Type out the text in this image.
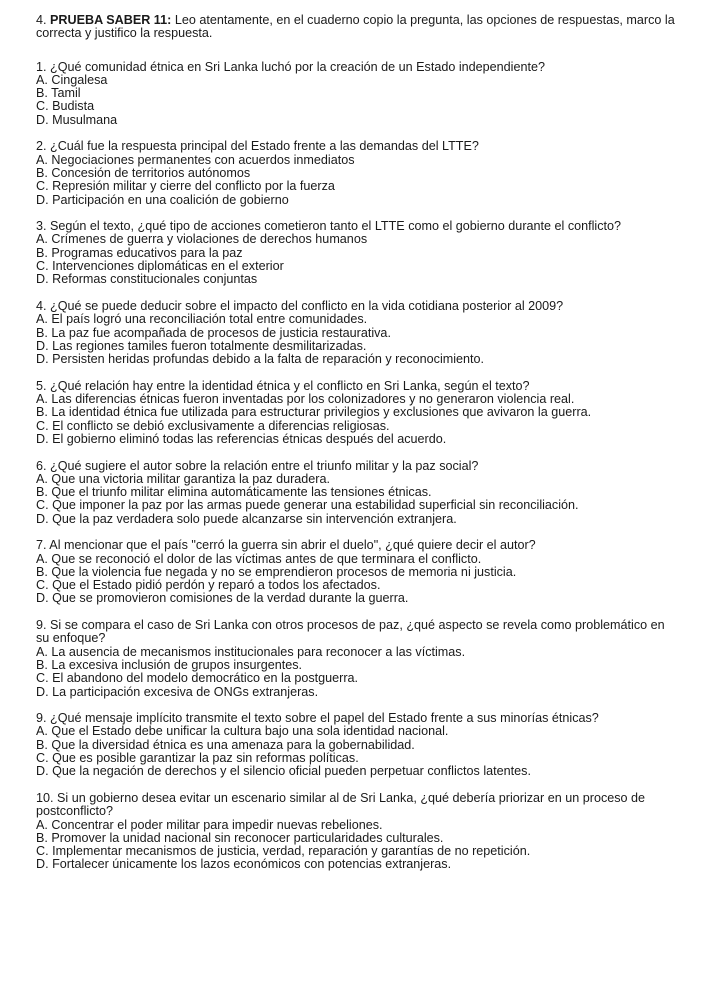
4. PRUEBA SABER 11: Leo atentamente, en el cuaderno copio la pregunta, las opciones de respuestas, marco la correcta y justifico la respuesta.

1. ¿Qué comunidad étnica en Sri Lanka luchó por la creación de un Estado independiente?

A. Cingalesa

B. Tamil

C. Budista

D. Musulmana

2. ¿Cuál fue la respuesta principal del Estado frente a las demandas del LTTE?

A. Negociaciones permanentes con acuerdos inmediatos

B. Concesión de territorios autónomos

C. Represión militar y cierre del conflicto por la fuerza

D. Participación en una coalición de gobierno

3. Según el texto, ¿qué tipo de acciones cometieron tanto el LTTE como el gobierno durante el conflicto?

A. Crímenes de guerra y violaciones de derechos humanos

B. Programas educativos para la paz

C. Intervenciones diplomáticas en el exterior

D. Reformas constitucionales conjuntas

4. ¿Qué se puede deducir sobre el impacto del conflicto en la vida cotidiana posterior al 2009?

A. El país logró una reconciliación total entre comunidades.

B. La paz fue acompañada de procesos de justicia restaurativa.

D. Las regiones tamiles fueron totalmente desmilitarizadas.

D. Persisten heridas profundas debido a la falta de reparación y reconocimiento.

5. ¿Qué relación hay entre la identidad étnica y el conflicto en Sri Lanka, según el texto?

A. Las diferencias étnicas fueron inventadas por los colonizadores y no generaron violencia real.

B. La identidad étnica fue utilizada para estructurar privilegios y exclusiones que avivaron la guerra.

C. El conflicto se debió exclusivamente a diferencias religiosas.

D. El gobierno eliminó todas las referencias étnicas después del acuerdo.

6. ¿Qué sugiere el autor sobre la relación entre el triunfo militar y la paz social?

A. Que una victoria militar garantiza la paz duradera.

B. Que el triunfo militar elimina automáticamente las tensiones étnicas.

C. Que imponer la paz por las armas puede generar una estabilidad superficial sin reconciliación.

D. Que la paz verdadera solo puede alcanzarse sin intervención extranjera.

7. Al mencionar que el país "cerró la guerra sin abrir el duelo", ¿qué quiere decir el autor?

A. Que se reconoció el dolor de las víctimas antes de que terminara el conflicto.

B. Que la violencia fue negada y no se emprendieron procesos de memoria ni justicia.

C. Que el Estado pidió perdón y reparó a todos los afectados.

D. Que se promovieron comisiones de la verdad durante la guerra.

9. Si se compara el caso de Sri Lanka con otros procesos de paz, ¿qué aspecto se revela como problemático en su enfoque?

A. La ausencia de mecanismos institucionales para reconocer a las víctimas.

B. La excesiva inclusión de grupos insurgentes.

C. El abandono del modelo democrático en la postguerra.

D. La participación excesiva de ONGs extranjeras.

9. ¿Qué mensaje implícito transmite el texto sobre el papel del Estado frente a sus minorías étnicas?

A. Que el Estado debe unificar la cultura bajo una sola identidad nacional.

B. Que la diversidad étnica es una amenaza para la gobernabilidad.

C. Que es posible garantizar la paz sin reformas políticas.

D. Que la negación de derechos y el silencio oficial pueden perpetuar conflictos latentes.

10. Si un gobierno desea evitar un escenario similar al de Sri Lanka, ¿qué debería priorizar en un proceso de postconflicto?

A. Concentrar el poder militar para impedir nuevas rebeliones.

B. Promover la unidad nacional sin reconocer particularidades culturales.

C. Implementar mecanismos de justicia, verdad, reparación y garantías de no repetición.

D. Fortalecer únicamente los lazos económicos con potencias extranjeras.
